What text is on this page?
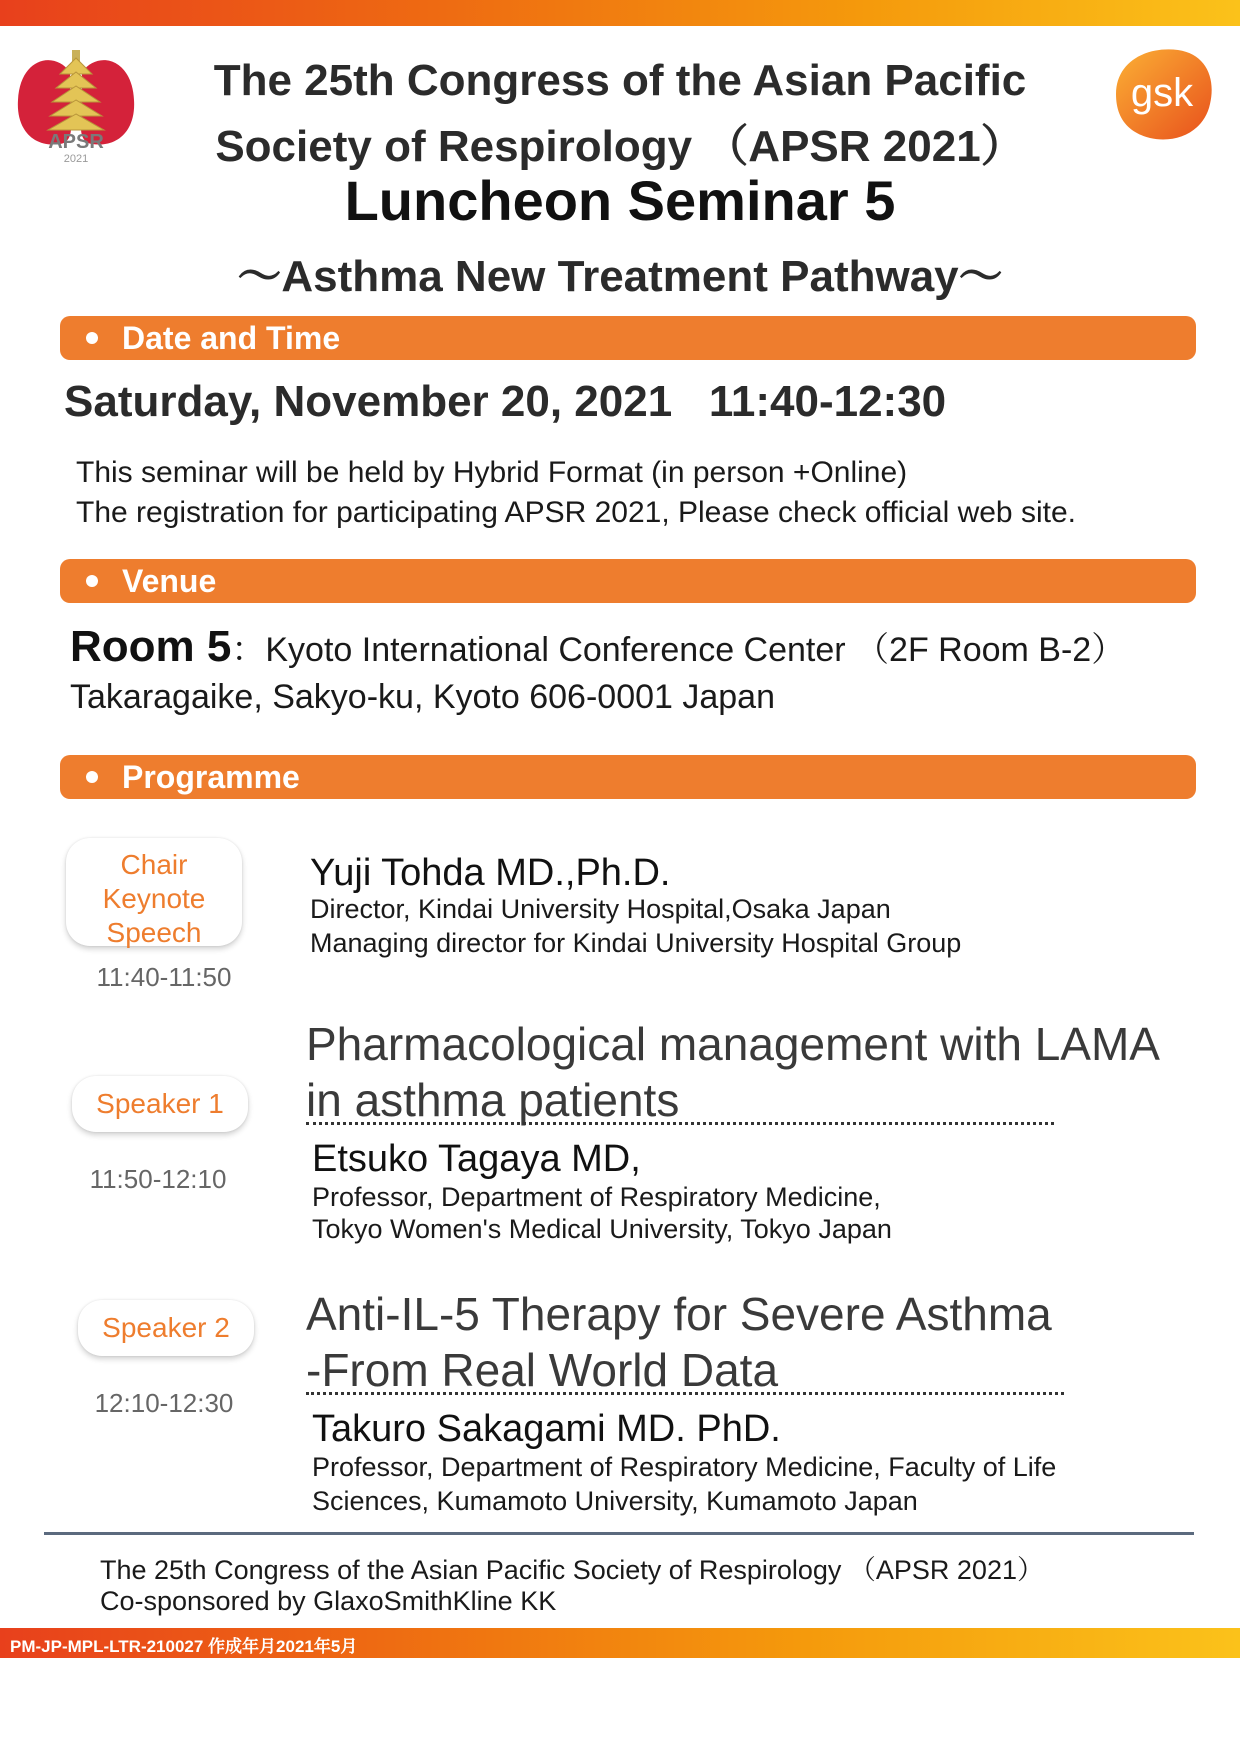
APSR
2021
gsk
The 25th Congress of the Asian Pacific
Society of Respirology （APSR 2021）
Luncheon Seminar 5
～Asthma New Treatment Pathway～
Date and Time
Saturday, November 20, 2021 11:40-12:30
This seminar will be held by Hybrid Format (in person +Online)
The registration for participating APSR 2021, Please check official web site.
Venue
Room 5：Kyoto International Conference Center （2F Room B-2）
Takaragaike, Sakyo-ku, Kyoto 606-0001 Japan
Programme
Chair
Keynote
Speech
11:40-11:50
Yuji Tohda MD.,Ph.D.
Director, Kindai University Hospital,Osaka Japan
Managing director for Kindai University Hospital Group
Pharmacological management with LAMA
in asthma patients
Speaker 1
11:50-12:10	Etsuko Tagaya MD,
Professor, Department of Respiratory Medicine,
Tokyo Women's Medical University, Tokyo Japan
Anti-IL-5 Therapy for Severe Asthma
-From Real World Data
Speaker 2
12:10-12:30
Takuro Sakagami MD. PhD.
Professor, Department of Respiratory Medicine, Faculty of Life
Sciences, Kumamoto University, Kumamoto Japan
The 25th Congress of the Asian Pacific Society of Respirology （APSR 2021）
Co-sponsored by GlaxoSmithKline KK
PM-JP-MPL-LTR-210027 作成年月2021年5月
